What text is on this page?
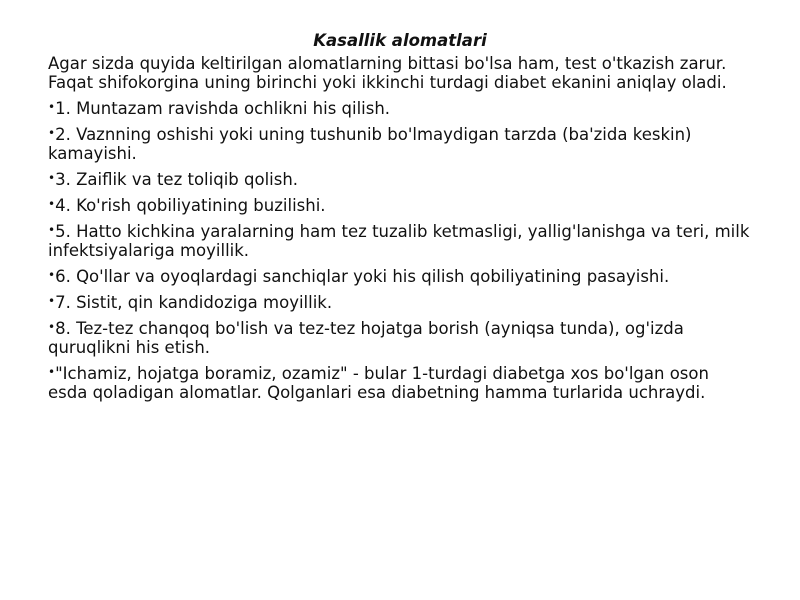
Kasallik alomatlari
Agar sizda quyida keltirilgan alomatlarning bittasi bo'lsa ham, test o'tkazish zarur. Faqat shifokorgina uning birinchi yoki ikkinchi turdagi diabet ekanini aniqlay oladi.
•1. Muntazam ravishda ochlikni his qilish.
•2. Vaznning oshishi yoki uning tushunib bo'lmaydigan tarzda (ba'zida keskin) kamayishi.
•3. Zaiflik va tez toliqib qolish.
•4. Ko'rish qobiliyatining buzilishi.
•5. Hatto kichkina yaralarning ham tez tuzalib ketmasligi, yallig'lanishga va teri, milk infektsiyalariga moyillik.
•6. Qo'llar va oyoqlardagi sanchiqlar yoki his qilish qobiliyatining pasayishi.
•7. Sistit, qin kandidoziga moyillik.
•8. Tez-tez chanqoq bo'lish va tez-tez hojatga borish (ayniqsa tunda), og'izda quruqlikni his etish.
•"Ichamiz, hojatga boramiz, ozamiz" - bular 1-turdagi diabetga xos bo'lgan oson esda qoladigan alomatlar. Qolganlari esa diabetning hamma turlarida uchraydi.
